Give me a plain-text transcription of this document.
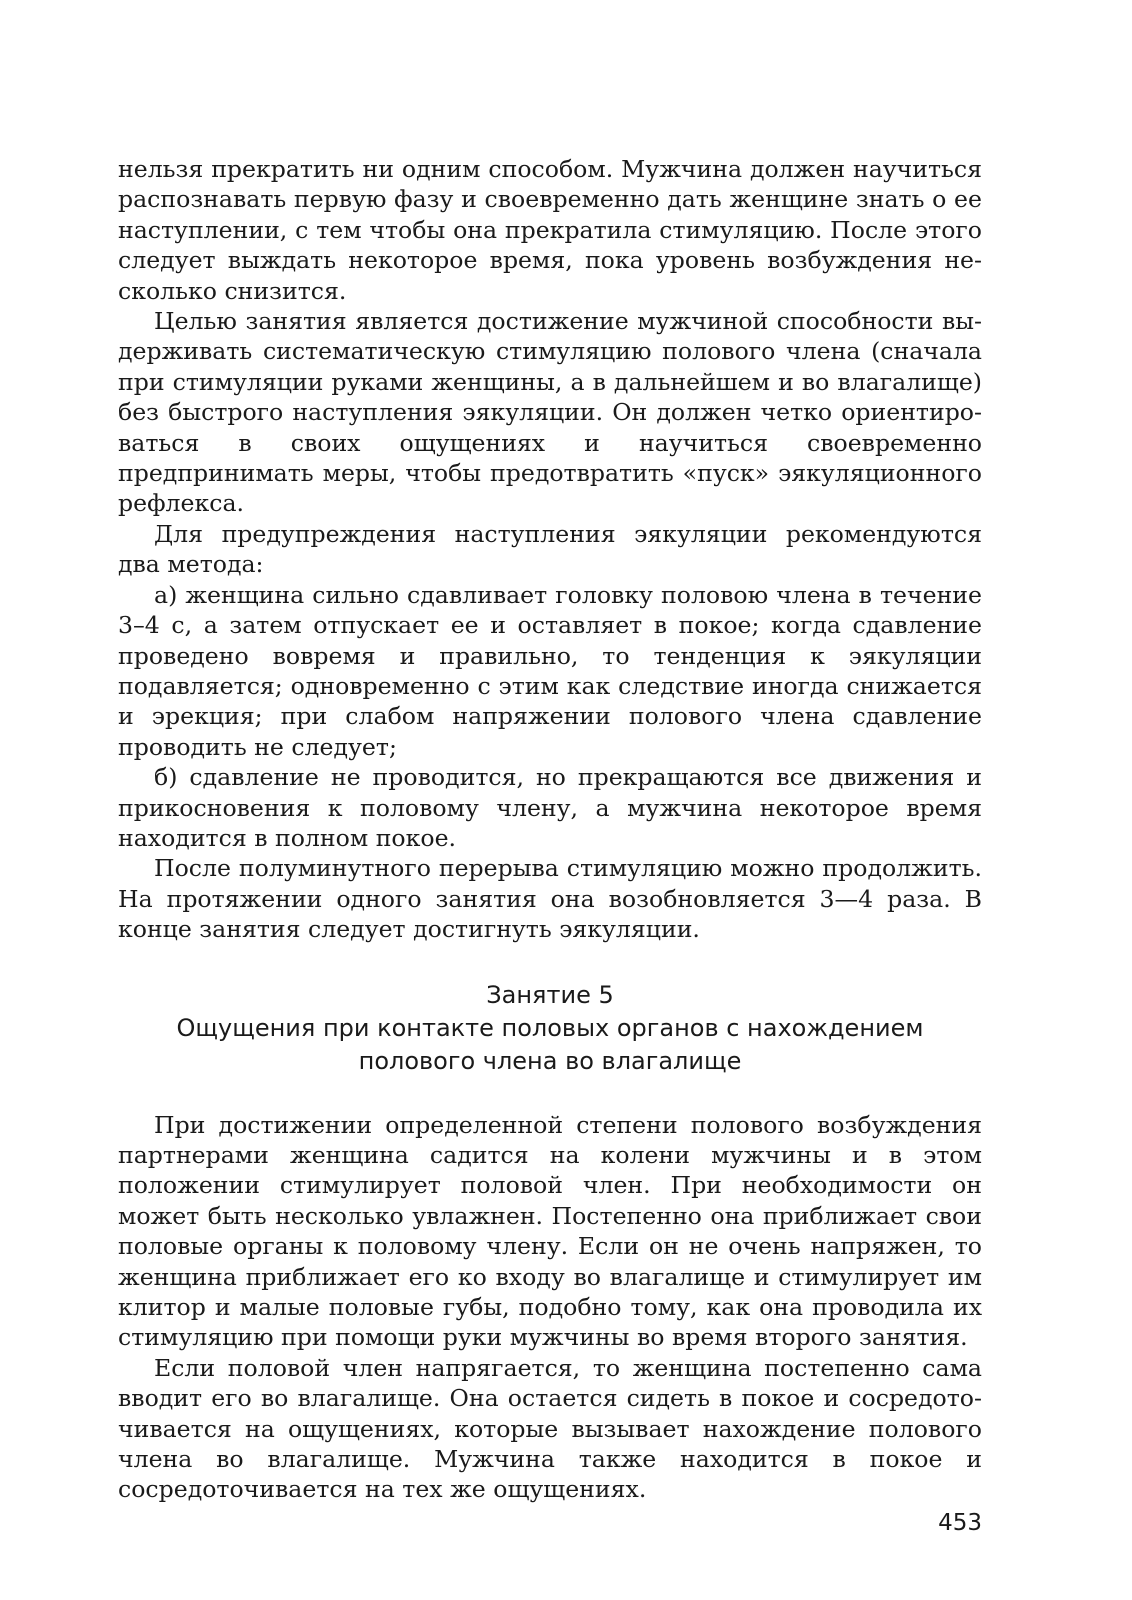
нельзя прекратить ни одним способом. Мужчина должен научиться распознавать первую фазу и своевременно дать женщине знать о ее наступлении, с тем чтобы она прекратила стимуляцию. После этого следует выждать некоторое время, пока уровень возбуждения несколько снизится.

Целью занятия является достижение мужчиной способности выдерживать систематическую стимуляцию полового члена (сначала при стимуляции руками женщины, а в дальнейшем и во влагалище) без быстрого наступления эякуляции. Он должен четко ориентироваться в своих ощущениях и научиться своевременно предпринимать меры, чтобы предотвратить «пуск» эякуляционного рефлекса.

Для предупреждения наступления эякуляции рекомендуются два метода:

а) женщина сильно сдавливает головку половою члена в течение 3–4 с, а затем отпускает ее и оставляет в покое; когда сдавление проведено вовремя и правильно, то тенденция к эякуляции подавляется; одновременно с этим как следствие иногда снижается и эрекция; при слабом напряжении полового члена сдавление проводить не следует;

б) сдавление не проводится, но прекращаются все движения и прикосновения к половому члену, а мужчина некоторое время находится в полном покое.

После полуминутного перерыва стимуляцию можно продолжить. На протяжении одного занятия она возобновляется 3—4 раза. В конце занятия следует достигнуть эякуляции.

Занятие 5

Ощущения при контакте половых органов с нахождением

полового члена во влагалище

При достижении определенной степени полового возбуждения партнерами женщина садится на колени мужчины и в этом положении стимулирует половой член. При необходимости он может быть несколько увлажнен. Постепенно она приближает свои половые органы к половому члену. Если он не очень напряжен, то женщина приближает его ко входу во влагалище и стимулирует им клитор и малые половые губы, подобно тому, как она проводила их стимуляцию при помощи руки мужчины во время второго занятия.

Если половой член напрягается, то женщина постепенно сама вводит его во влагалище. Она остается сидеть в покое и сосредоточивается на ощущениях, которые вызывает нахождение полового члена во влагалище. Мужчина также находится в покое и сосредоточивается на тех же ощущениях.

453
